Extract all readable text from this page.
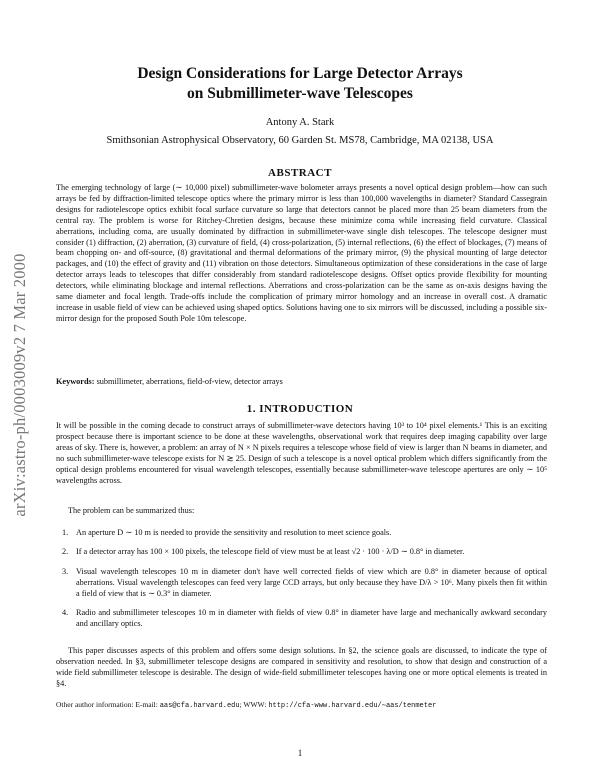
arXiv:astro-ph/0003009v2 7 Mar 2000
Design Considerations for Large Detector Arrays
on Submillimeter-wave Telescopes
Antony A. Stark
Smithsonian Astrophysical Observatory, 60 Garden St. MS78, Cambridge, MA 02138, USA
ABSTRACT

The emerging technology of large (∼ 10,000 pixel) submillimeter-wave bolometer arrays presents a novel optical design problem—how can such arrays be fed by diffraction-limited telescope optics where the primary mirror is less than 100,000 wavelengths in diameter? Standard Cassegrain designs for radiotelescope optics exhibit focal surface curvature so large that detectors cannot be placed more than 25 beam diameters from the central ray. The problem is worse for Ritchey-Chretien designs, because these minimize coma while increasing field curvature. Classical aberrations, including coma, are usually dominated by diffraction in submillimeter-wave single dish telescopes. The telescope designer must consider (1) diffraction, (2) aberration, (3) curvature of field, (4) cross-polarization, (5) internal reflections, (6) the effect of blockages, (7) means of beam chopping on- and off-source, (8) gravitational and thermal deformations of the primary mirror, (9) the physical mounting of large detector packages, and (10) the effect of gravity and (11) vibration on those detectors. Simultaneous optimization of these considerations in the case of large detector arrays leads to telescopes that differ considerably from standard radiotelescope designs. Offset optics provide flexibility for mounting detectors, while eliminating blockage and internal reflections. Aberrations and cross-polarization can be the same as on-axis designs having the same diameter and focal length. Trade-offs include the complication of primary mirror homology and an increase in overall cost. A dramatic increase in usable field of view can be achieved using shaped optics. Solutions having one to six mirrors will be discussed, including a possible six-mirror design for the proposed South Pole 10m telescope.

Keywords: submillimeter, aberrations, field-of-view, detector arrays

1. INTRODUCTION

It will be possible in the coming decade to construct arrays of submillimeter-wave detectors having 10³ to 10⁴ pixel elements.¹ This is an exciting prospect because there is important science to be done at these wavelengths, observational work that requires deep imaging capability over large areas of sky. There is, however, a problem: an array of N × N pixels requires a telescope whose field of view is larger than N beams in diameter, and no such submillimeter-wave telescope exists for N ≳ 25. Design of such a telescope is a novel optical problem which differs significantly from the optical design problems encountered for visual wavelength telescopes, essentially because submillimeter-wave telescope apertures are only ∼ 10⁵ wavelengths across.

The problem can be summarized thus:

1. An aperture D ∼ 10 m is needed to provide the sensitivity and resolution to meet science goals.
2. If a detector array has 100 × 100 pixels, the telescope field of view must be at least √2 · 100 · λ/D ∼ 0.8° in diameter.
3. Visual wavelength telescopes 10 m in diameter don't have well corrected fields of view which are 0.8° in diameter because of optical aberrations. Visual wavelength telescopes can feed very large CCD arrays, but only because they have D/λ > 10⁶. Many pixels then fit within a field of view that is ∼ 0.3° in diameter.
4. Radio and submillimeter telescopes 10 m in diameter with fields of view 0.8° in diameter have large and mechanically awkward secondary and ancillary optics.

This paper discusses aspects of this problem and offers some design solutions. In §2, the science goals are discussed, to indicate the type of observation needed. In §3, submillimeter telescope designs are compared in sensitivity and resolution, to show that design and construction of a wide field submillimeter telescope is desirable. The design of wide-field submillimeter telescopes having one or more optical elements is treated in §4.

Other author information: E-mail: aas@cfa.harvard.edu; WWW: http://cfa-www.harvard.edu/∼aas/tenmeter
1
